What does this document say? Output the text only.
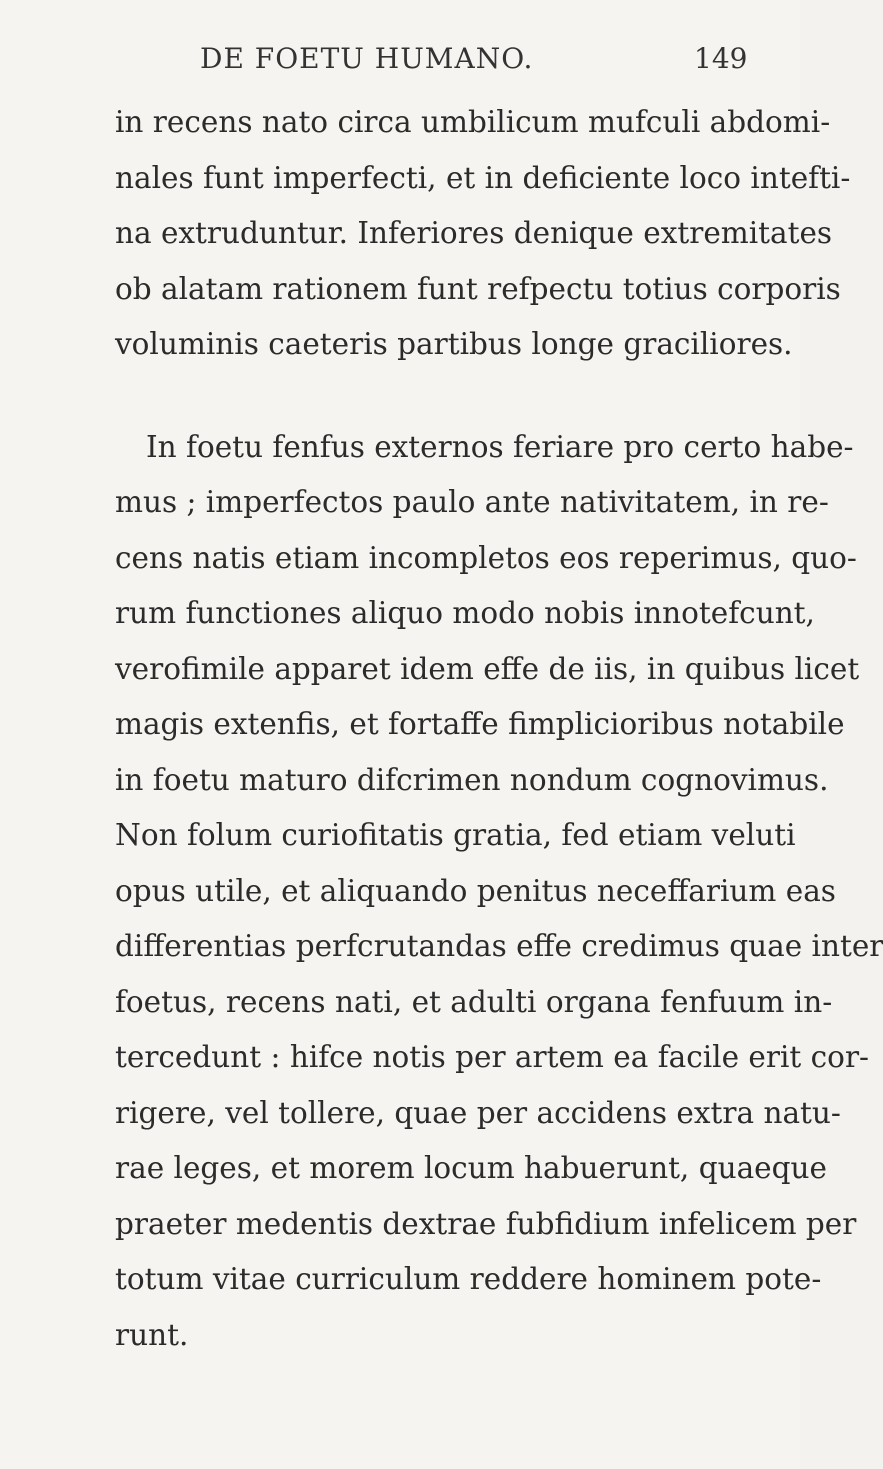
DE FOETU HUMANO.	149
in recens nato circa umbilicum mufculi abdomi-
nales funt imperfecti, et in deficiente loco intefti-
na extruduntur. Inferiores denique extremitates
ob alatam rationem funt refpectu totius corporis
voluminis caeteris partibus longe graciliores.
In foetu fenfus externos feriare pro certo habe-
mus ; imperfectos paulo ante nativitatem, in re-
cens natis etiam incompletos eos reperimus, quo-
rum functiones aliquo modo nobis innotefcunt,
verofimile apparet idem effe de iis, in quibus licet
magis extenfis, et fortaffe fimplicioribus notabile
in foetu maturo difcrimen nondum cognovimus.
Non folum curiofitatis gratia, fed etiam veluti
opus utile, et aliquando penitus neceffarium eas
differentias perfcrutandas effe credimus quae inter
foetus, recens nati, et adulti organa fenfuum in-
tercedunt : hifce notis per artem ea facile erit cor-
rigere, vel tollere, quae per accidens extra natu-
rae leges, et morem locum habuerunt, quaeque
praeter medentis dextrae fubfidium infelicem per
totum vitae curriculum reddere hominem pote-
runt.
